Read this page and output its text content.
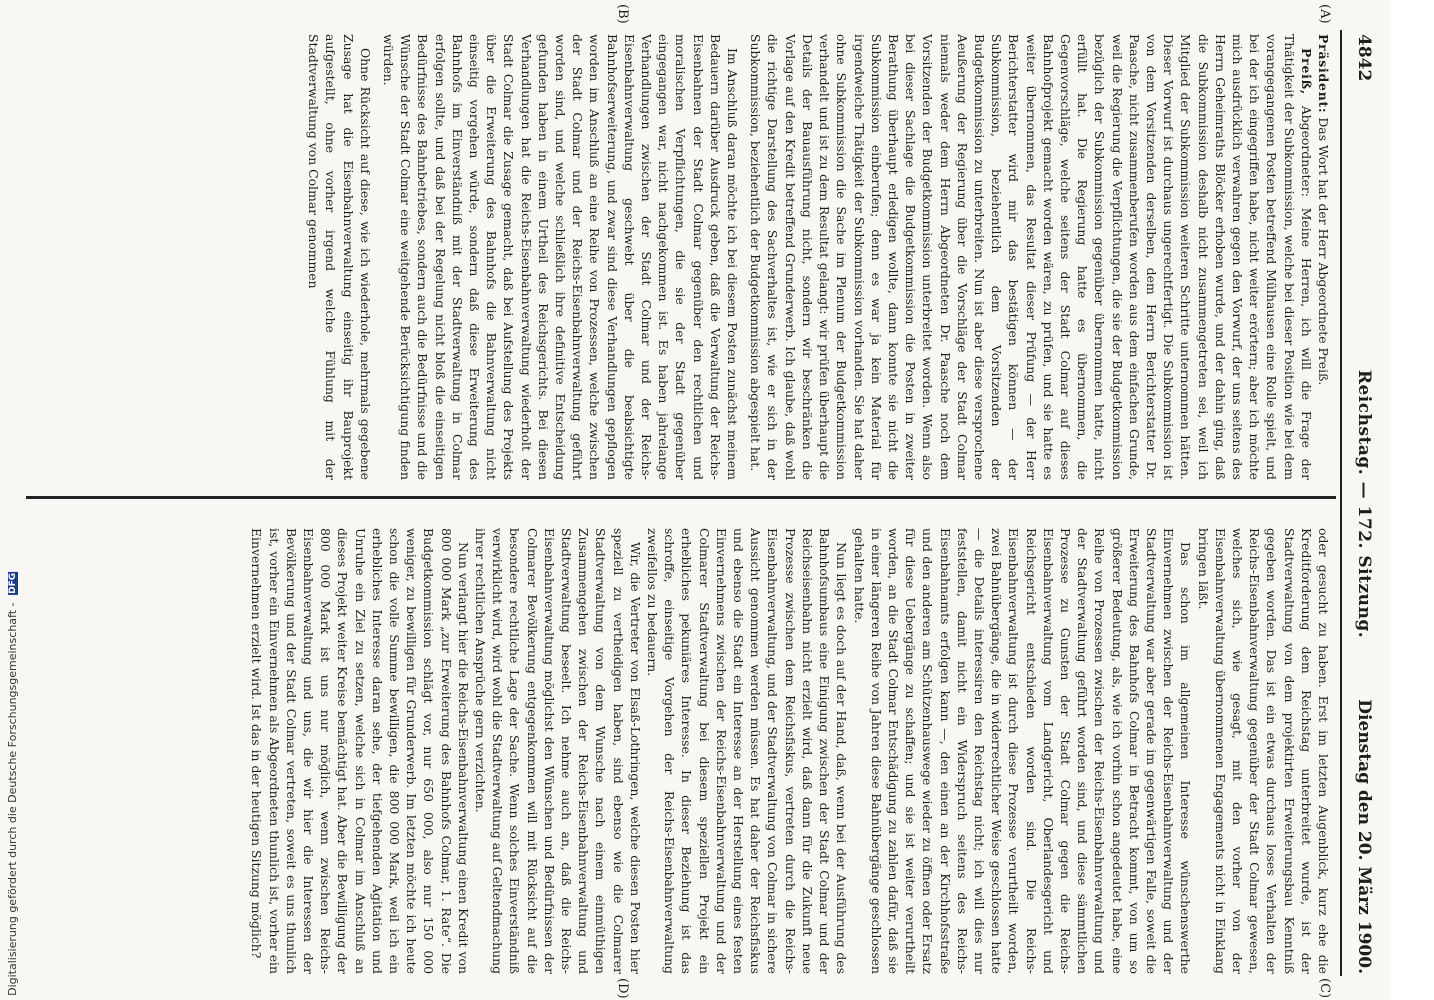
4842
Reichstag. — 172. Sitzung.
Dienstag den 20. März 1900.
(A)
(B)
(C)
(D)

Präsident: Das Wort hat der Herr Abgeordnete Preiß.

Preiß, Abgeordneter: Meine Herren, ich will die Frage der Thätigkeit der Subkommission, welche bei dieser Position wie bei dem vorangegangenen Posten betreffend Mülhausen eine Rolle spielt, und bei der ich eingegriffen habe, nicht weiter erörtern; aber ich möchte mich ausdrücklich verwahren gegen den Vorwurf, der uns seitens des Herrn Geheimraths Blöcker erhoben wurde, und der dahin ging, daß die Subkommission deshalb nicht zusammengetreten sei, weil ich Mitglied der Subkommission weiteren Schritte unternommen hätten. Dieser Vorwurf ist durchaus ungerechtfertigt. Die Subkommission ist von dem Vorsitzenden derselben, dem Herrn Berichterstatter Dr. Paasche, nicht zusammenberufen worden aus dem einfachen Grunde, weil die Regierung die Verpflichtungen, die sie der Budgetkommission bezüglich der Subkommission gegenüber übernommen hatte, nicht erfüllt hat. Die Regierung hatte es übernommen, die Gegenvorschläge, welche seitens der Stadt Colmar auf dieses Bahnhofprojekt gemacht worden wären, zu prüfen, und sie hatte es weiter übernommen, das Resultat dieser Prüfung — der Herr Berichterstatter wird mir das bestätigen können — der Subkommission, beziehentlich dem Vorsitzenden der Budgetkommission zu unterbreiten. Nun ist aber diese versprochene Aeußerung der Regierung über die Vorschläge der Stadt Colmar niemals weder dem Herrn Abgeordneten Dr. Paasche noch dem Vorsitzenden der Budgetkommission unterbreitet worden. Wenn also bei dieser Sachlage die Budgetkommission die Posten in zweiter Berathung überhaupt erledigen wollte, dann konnte sie nicht die Subkommission einberufen; denn es war ja kein Material für irgendwelche Thätigkeit der Subkommission vorhanden. Sie hat daher ohne Subkommission die Sache im Plenum der Budgetkommission verhandelt und ist zu dem Resultat gelangt: wir prüfen überhaupt die Details der Bauausführung nicht, sondern wir beschränken die Vorlage auf den Kredit betreffend Grunderwerb. Ich glaube, daß wohl die richtige Darstellung des Sachverhaltes ist, wie er sich in der Subkommission, beziehentlich der Budgetkommission abgespielt hat.

Im Anschluß daran möchte ich bei diesem Posten zunächst meinem Bedauern darüber Ausdruck geben, daß die Verwaltung der Reichs-Eisenbahnen der Stadt Colmar gegenüber den rechtlichen und moralischen Verpflichtungen, die sie der Stadt gegenüber eingegangen war, nicht nachgekommen ist. Es haben jahrelange Verhandlungen zwischen der Stadt Colmar und der Reichs-Eisenbahnverwaltung geschwebt über die beabsichtigte Bahnhofserweiterung, und zwar sind diese Verhandlungen gepflogen worden im Anschluß an eine Reihe von Prozessen, welche zwischen der Stadt Colmar und der Reichs-Eisenbahnverwaltung geführt worden sind, und welche schließlich ihre definitive Entscheidung gefunden haben in einem Urtheil des Reichsgerichts. Bei diesen Verhandlungen hat die Reichs-Eisenbahnverwaltung wiederholt der Stadt Colmar die Zusage gemacht, daß bei Aufstellung des Projekts über die Erweiterung des Bahnhofs die Bahnverwaltung nicht einseitig vorgehen würde, sondern daß diese Erweiterung des Bahnhofs im Einverständniß mit der Stadtverwaltung in Colmar erfolgen sollte, und daß bei der Regelung nicht bloß die einseitigen Bedürfnisse des Bahnbetriebes, sondern auch die Bedürfnisse und die Wünsche der Stadt Colmar eine weitgehende Berücksichtigung finden würden.

Ohne Rücksicht auf diese, wie ich wiederhole, mehrmals gegebene Zusage hat die Eisenbahnverwaltung einseitig ihr Bauprojekt aufgestellt, ohne vorher irgend welche Fühlung mit der Stadtverwaltung von Colmar genommen

oder gesucht zu haben. Erst im letzten Augenblick, kurz ehe die Kreditforderung dem Reichstag unterbreitet wurde, ist der Stadtverwaltung von dem projektirten Erweiterungsbau Kenntniß gegeben worden. Das ist ein etwas durchaus loses Verhalten der Reichs-Eisenbahnverwaltung gegenüber der Stadt Colmar gewesen, welches sich, wie gesagt, mit den vorher von der Eisenbahnverwaltung übernommenen Engagements nicht in Einklang bringen läßt.

Das schon im allgemeinen Interesse wünschenswerthe Einvernehmen zwischen der Reichs-Eisenbahnverwaltung und der Stadtverwaltung war aber gerade im gegenwärtigen Falle, soweit die Erweiterung des Bahnhofs Colmar in Betracht kommt, von um so größerer Bedeutung, als, wie ich vorhin schon angedeutet habe, eine Reihe von Prozessen zwischen der Reichs-Eisenbahnverwaltung und der Stadtverwaltung geführt worden sind, und diese sämmtlichen Prozesse zu Gunsten der Stadt Colmar gegen die Reichs-Eisenbahnverwaltung vom Landgericht, Oberlandesgericht und Reichsgericht entschieden worden sind. Die Reichs-Eisenbahnverwaltung ist durch diese Prozesse verurtheilt worden, zwei Bahnübergänge, die in widerrechtlicher Weise geschlossen hatte — die Details interessiren den Reichstag nicht; ich will dies nur feststellen, damit nicht ein Widerspruch seitens des Reichs-Eisenbahnamts erfolgen kann —, den einen an der Kirchhofsstraße und den anderen am Schützenhauswege wieder zu öffnen oder Ersatz für diese Uebergänge zu schaffen; und sie ist weiter verurtheilt worden, an die Stadt Colmar Entschädigung zu zahlen dafür, daß sie in einer längeren Reihe von Jahren diese Bahnübergänge geschlossen gehalten hatte.

Nun liegt es doch auf der Hand, daß, wenn bei der Ausführung des Bahnhofsumbaus eine Einigung zwischen der Stadt Colmar und der Reichseisenbahn nicht erzielt wird, daß dann für die Zukunft neue Prozesse zwischen dem Reichsfiskus, vertreten durch die Reichs-Eisenbahnverwaltung, und der Stadtverwaltung von Colmar in sichere Aussicht genommen werden müssen. Es hat daher der Reichsfiskus und ebenso die Stadt ein Interesse an der Herstellung eines festen Einvernehmens zwischen der Reichs-Eisenbahnverwaltung und der Colmarer Stadtverwaltung bei diesem speziellen Projekt ein erhebliches pekuniäres Interesse. In dieser Beziehung ist das schroffe, einseitige Vorgehen der Reichs-Eisenbahnverwaltung zweifellos zu bedauern.

Wir, die Vertreter von Elsaß-Lothringen, welche diesen Posten hier speziell zu vertheidigen haben, sind ebenso wie die Colmarer Stadtverwaltung von dem Wunsche nach einem einmüthigen Zusammengehen zwischen der Reichs-Eisenbahnverwaltung und Stadtverwaltung beseelt. Ich nehme auch an, daß die Reichs-Eisenbahnverwaltung möglichst den Wünschen und Bedürfnissen der Colmarer Bevölkerung entgegenkommen will mit Rücksicht auf die besondere rechtliche Lage der Sache. Wenn solches Einverständniß verwirklicht wird, wird wohl die Stadtverwaltung auf Geltendmachung ihrer rechtlichen Ansprüche gern verzichten.

Nun verlangt hier die Reichs-Eisenbahnverwaltung einen Kredit von 800 000 Mark „zur Erweiterung des Bahnhofs Colmar, 1. Rate“. Die Budgetkommission schlägt vor, nur 650 000, also nur 150 000 weniger, zu bewilligen für Grunderwerb. Im letzten möchte ich heute schon die volle Summe bewilligen, die 800 000 Mark, weil ich ein erhebliches Interesse daran sehe, der tiefgehenden Agitation und Unruhe ein Ziel zu setzen, welche sich in Colmar im Anschluß an dieses Projekt weiter Kreise bemächtigt hat. Aber die Bewilligung der 800 000 Mark ist uns nur möglich, wenn zwischen Reichs-Eisenbahnverwaltung und uns, die wir hier die Interessen der Bevölkerung und der Stadt Colmar vertreten, soweit es uns thunlich ist, vorher ein Einvernehmen als Abgeordneten thunlich ist, vorher ein Einvernehmen erzielt wird. Ist das in der heutigen Sitzung möglich?

Digitalisierung gefördert durch die Deutsche Forschungsgemeinschaft - DFG
